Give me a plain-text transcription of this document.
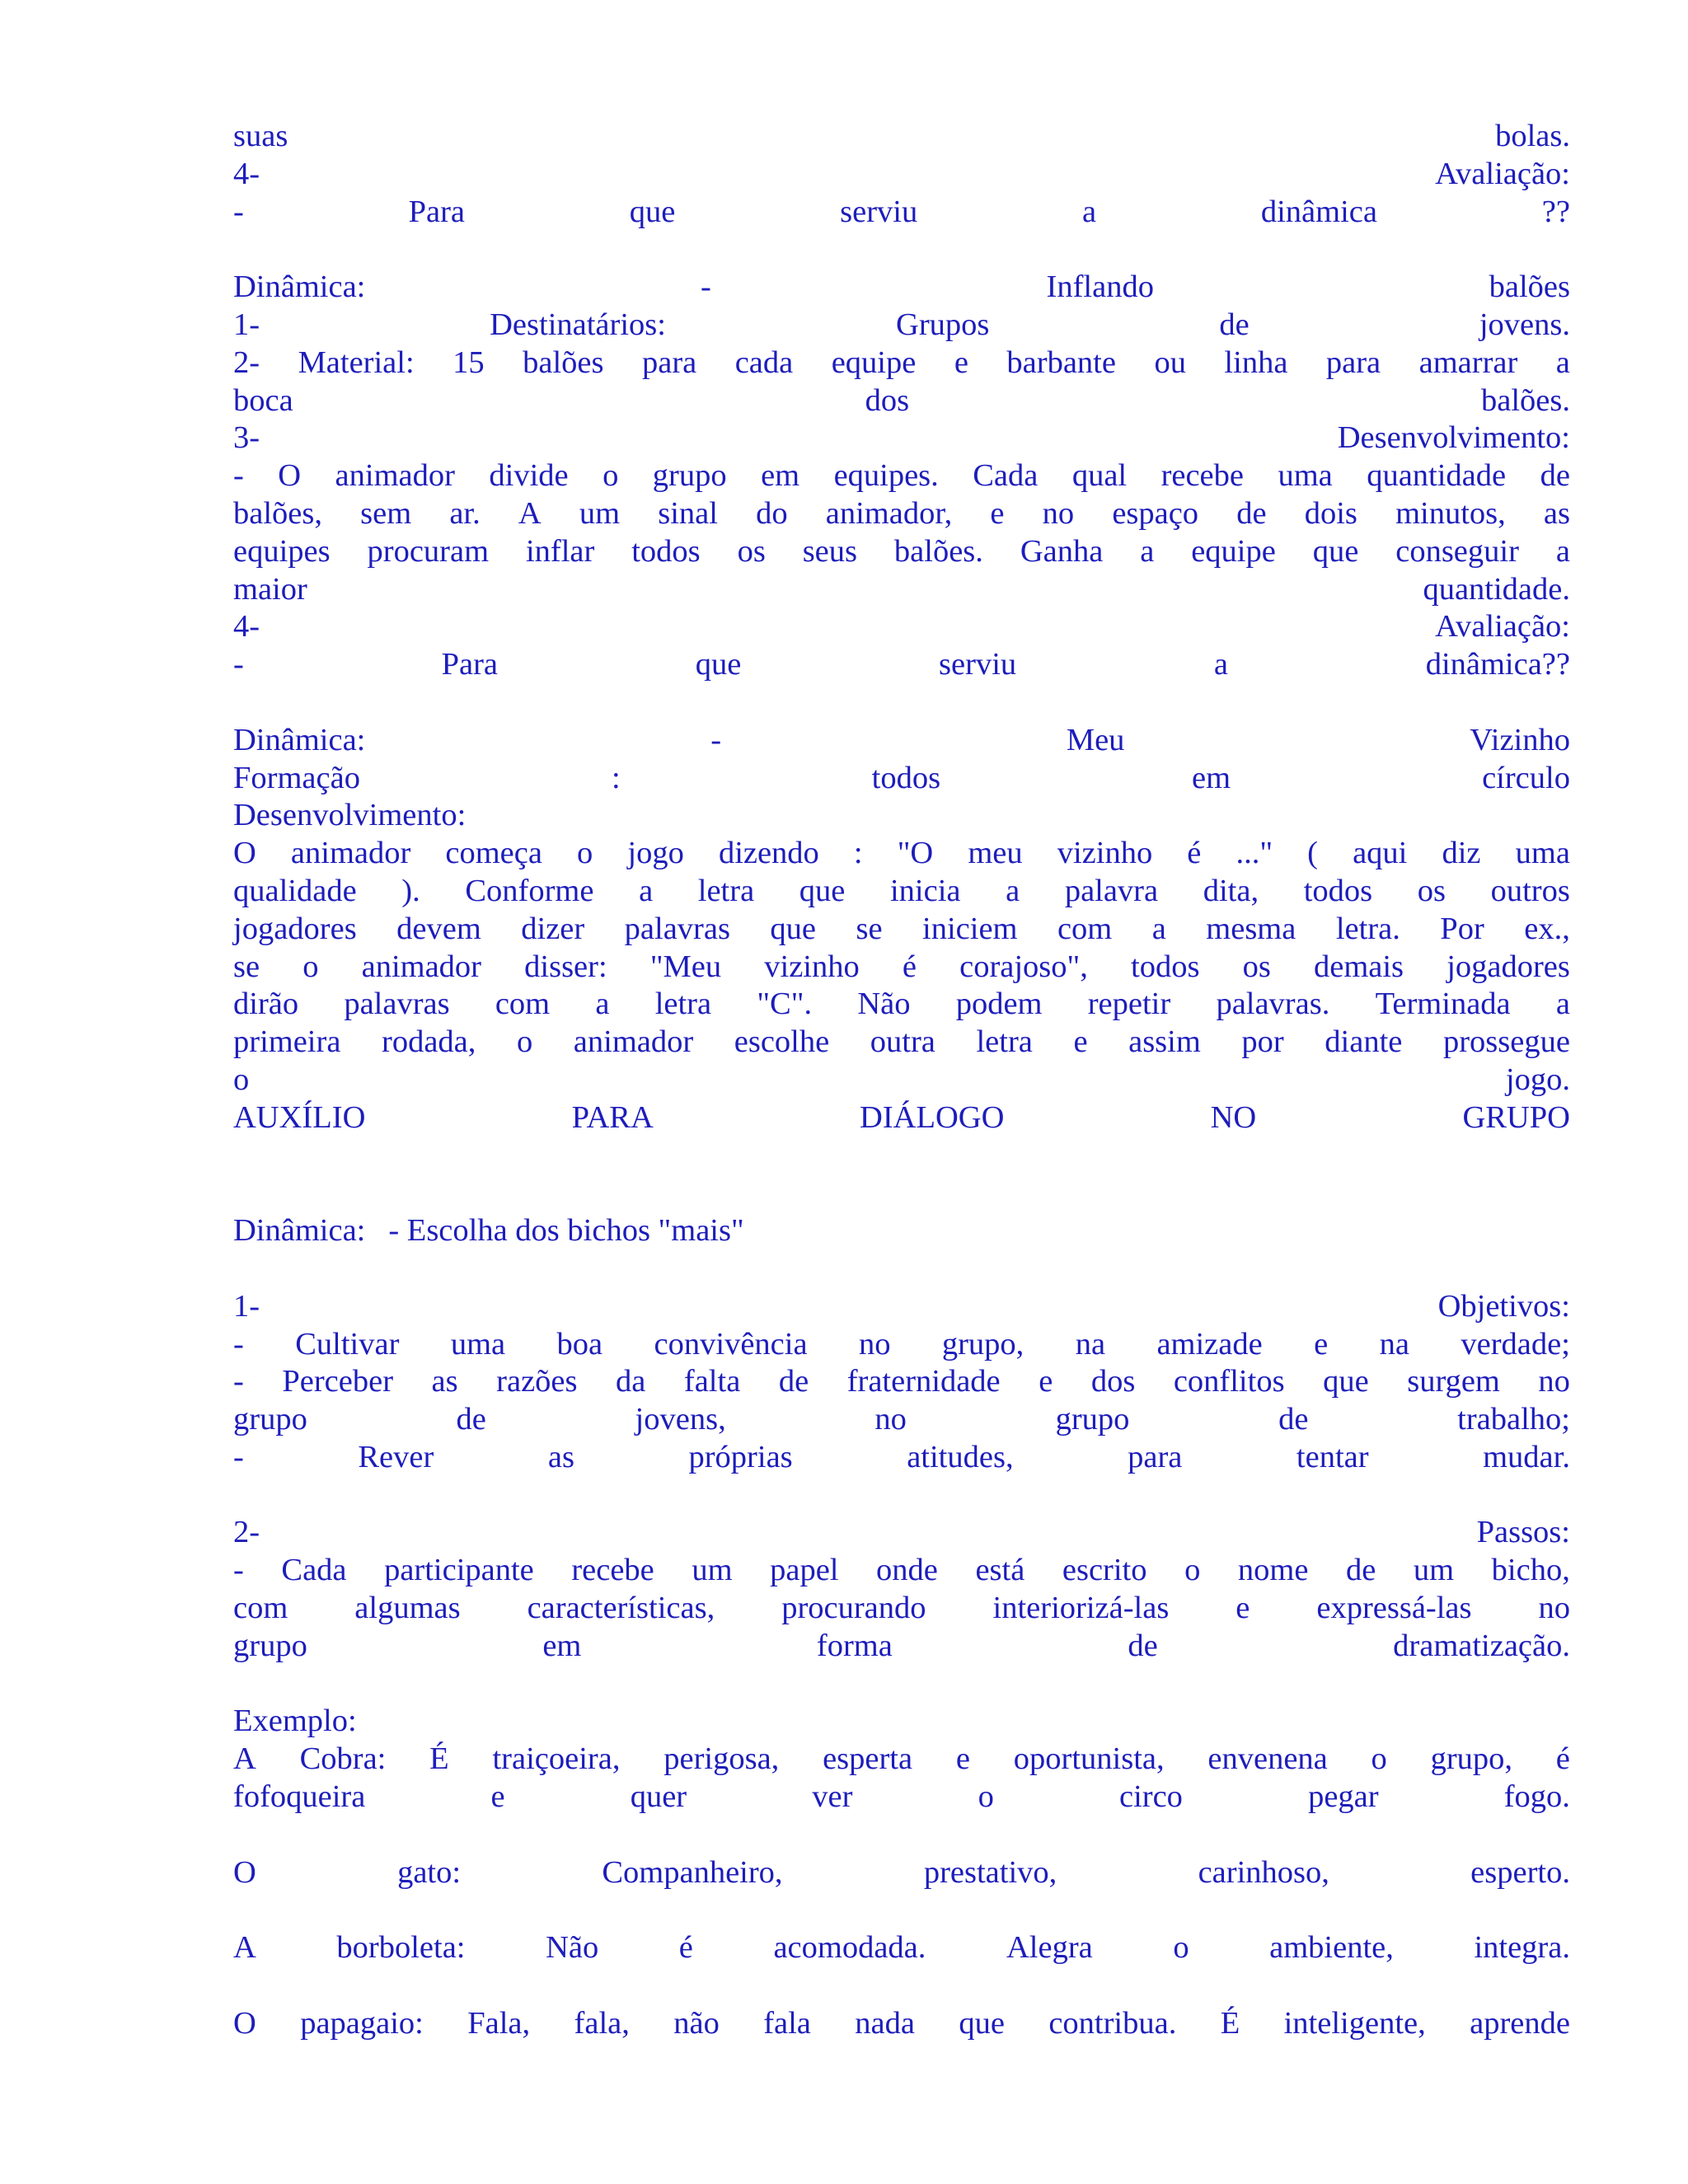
suas	bolas.
4-	Avaliação:
-	Para	que	serviu	a	dinâmica	??
Dinâmica:	-	Inflando	balões
1-	Destinatários:	Grupos	de	jovens.
2- Material: 15 balões para cada equipe e barbante ou linha para amarrar a
boca	dos	balões.
3-	Desenvolvimento:
- O animador divide o grupo em equipes. Cada qual recebe uma quantidade de
balões, sem ar. A um sinal do animador, e no espaço de dois minutos, as
equipes procuram inflar todos os seus balões. Ganha a equipe que conseguir a
maior	quantidade.
4-	Avaliação:
-	Para	que	serviu	a	dinâmica??
Dinâmica:	-	Meu	Vizinho
Formação	:	todos	em	círculo
Desenvolvimento:
O animador começa o jogo dizendo : "O meu vizinho é ..." ( aqui diz uma
qualidade ). Conforme a letra que inicia a palavra dita, todos os outros
jogadores devem dizer palavras que se iniciem com a mesma letra. Por ex.,
se o animador disser: "Meu vizinho é corajoso", todos os demais jogadores
dirão palavras com a letra "C". Não podem repetir palavras. Terminada a
primeira rodada, o animador escolhe outra letra e assim por diante prossegue
o	jogo.
AUXÍLIO	PARA	DIÁLOGO	NO	GRUPO
Dinâmica: - Escolha dos bichos "mais"
1-	Objetivos:
- Cultivar uma boa convivência no grupo, na amizade e na verdade;
- Perceber as razões da falta de fraternidade e dos conflitos que surgem no
grupo	de	jovens,	no	grupo	de	trabalho;
-	Rever	as	próprias	atitudes,	para	tentar	mudar.
2-	Passos:
- Cada participante recebe um papel onde está escrito o nome de um bicho,
com algumas características, procurando interiorizá-las e expressá-las no
grupo	em	forma	de	dramatização.
Exemplo:
A Cobra: É traiçoeira, perigosa, esperta e oportunista, envenena o grupo, é
fofoqueira	e	quer	ver	o	circo	pegar	fogo.
O	gato:	Companheiro,	prestativo,	carinhoso,	esperto.
A	borboleta:	Não	é	acomodada.	Alegra	o	ambiente,	integra.
O papagaio: Fala, fala, não fala nada que contribua. É inteligente, aprende
